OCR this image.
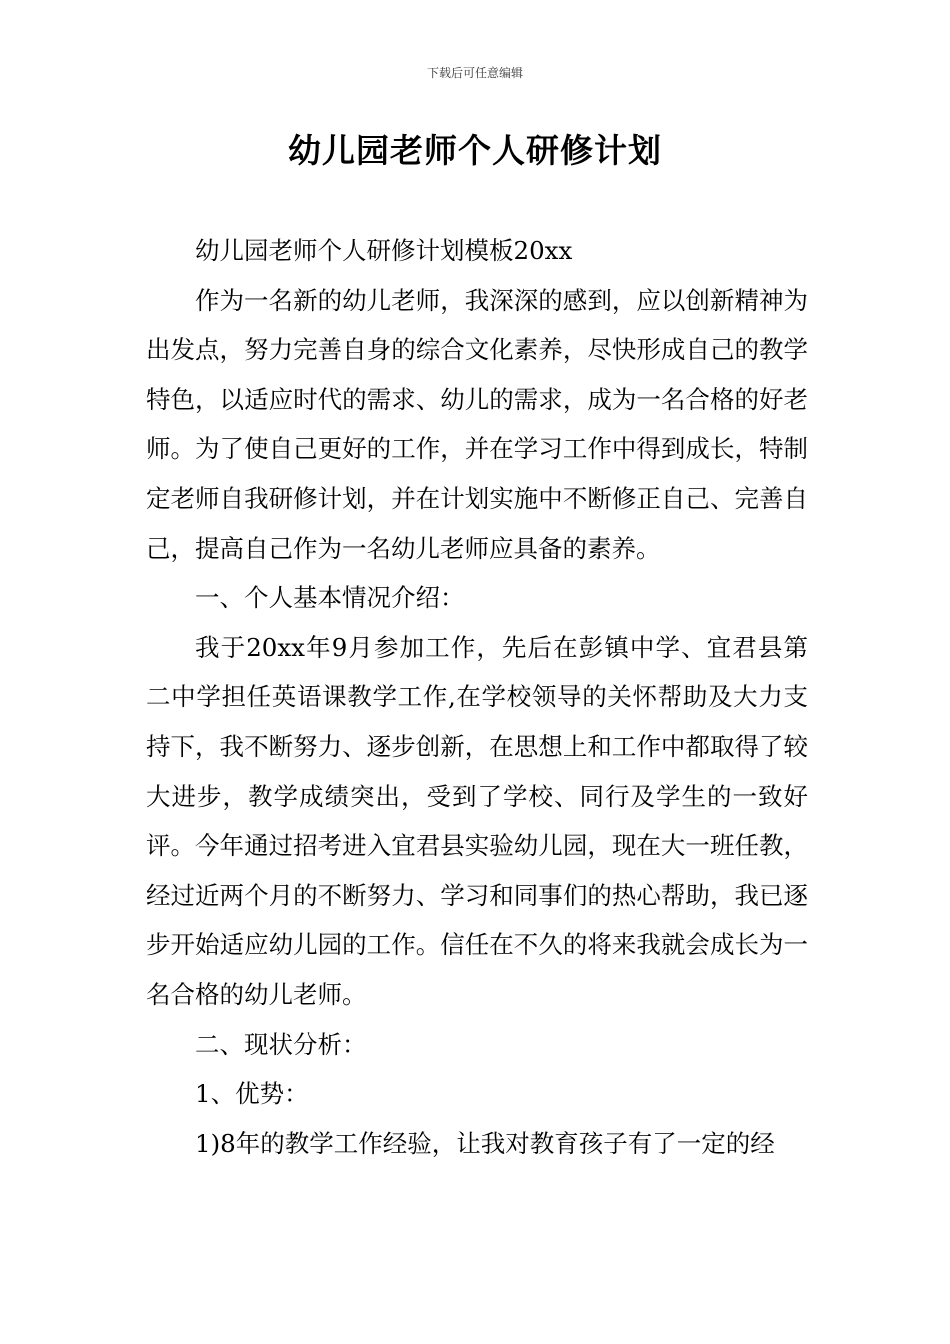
下载后可任意编辑
幼儿园老师个人研修计划

幼儿园老师个人研修计划模板20xx

作为一名新的幼儿老师，我深深的感到，应以创新精神为出发点，努力完善自身的综合文化素养，尽快形成自己的教学特色，以适应时代的需求、幼儿的需求，成为一名合格的好老师。为了使自己更好的工作，并在学习工作中得到成长，特制定老师自我研修计划，并在计划实施中不断修正自己、完善自己，提高自己作为一名幼儿老师应具备的素养。

一、个人基本情况介绍：

我于20xx年9月参加工作，先后在彭镇中学、宜君县第二中学担任英语课教学工作,在学校领导的关怀帮助及大力支持下，我不断努力、逐步创新，在思想上和工作中都取得了较大进步，教学成绩突出，受到了学校、同行及学生的一致好评。今年通过招考进入宜君县实验幼儿园，现在大一班任教，经过近两个月的不断努力、学习和同事们的热心帮助，我已逐步开始适应幼儿园的工作。信任在不久的将来我就会成长为一名合格的幼儿老师。

二、现状分析：

1、优势：

1)8年的教学工作经验，让我对教育孩子有了一定的经
